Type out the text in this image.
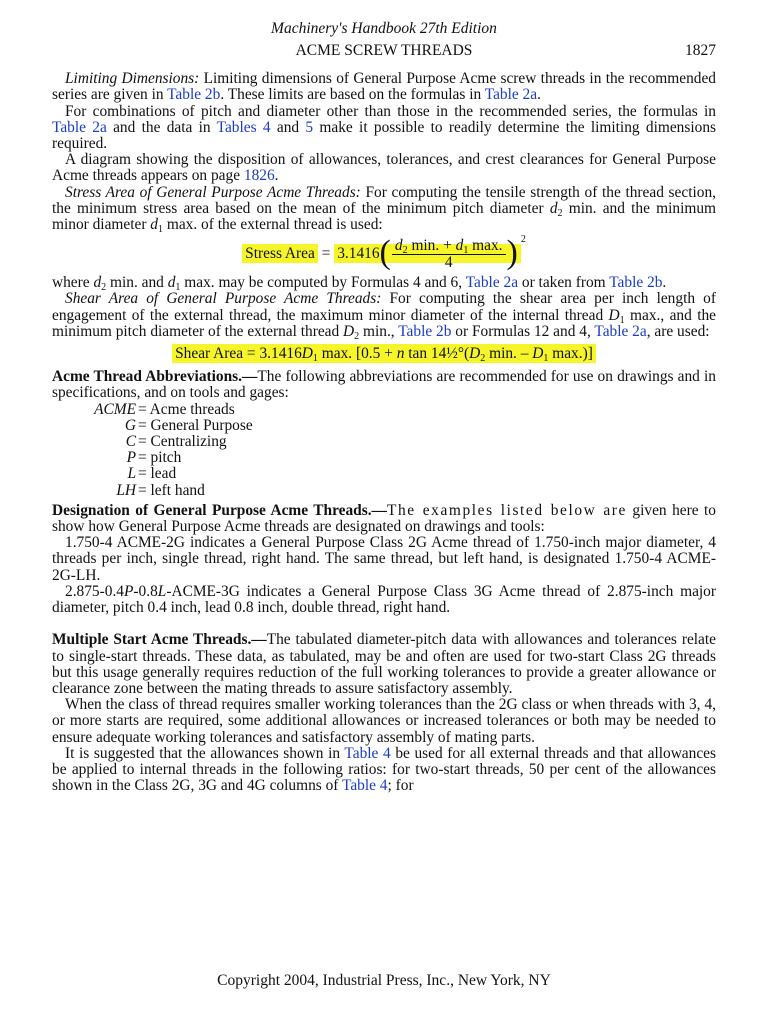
Machinery's Handbook 27th Edition
ACME SCREW THREADS	1827

Limiting Dimensions: Limiting dimensions of General Purpose Acme screw threads in the recommended series are given in Table 2b. These limits are based on the formulas in Table 2a.

For combinations of pitch and diameter other than those in the recommended series, the formulas in Table 2a and the data in Tables 4 and 5 make it possible to readily determine the limiting dimensions required.

A diagram showing the disposition of allowances, tolerances, and crest clearances for General Purpose Acme threads appears on page 1826.

Stress Area of General Purpose Acme Threads: For computing the tensile strength of the thread section, the minimum stress area based on the mean of the minimum pitch diameter $d_2$ min. and the minimum minor diameter $d_1$ max. of the external thread is used:

Stress Area = $3.1416( \frac{d_2 \min. + d_1 \max.}{4}$ ) $^2$

where $d_2$ min. and $d_1$ max. may be computed by Formulas 4 and 6, Table 2a or taken from Table 2b.

Shear Area of General Purpose Acme Threads: For computing the shear area per inch length of engagement of the external thread, the maximum minor diameter of the internal thread $D_1$ max., and the minimum pitch diameter of the external thread $D_2$ min., Table 2b or Formulas 12 and 4, Table 2a, are used:

Shear Area = $3.1416D_1$ max. [0.5 + n $\tan 14\frac{1}{2}^\circ(D_2$ min. – $D_1$ max.)]

Acme Thread Abbreviations.—The following abbreviations are recommended for use on drawings and in specifications, and on tools and gages:

ACME = Acme threads
G = General Purpose
C = Centralizing
P = pitch
L = lead
LH = left hand

Designation of General Purpose Acme Threads.—The examples listed below are given here to show how General Purpose Acme threads are designated on drawings and tools:

1.750-4 ACME-2G indicates a General Purpose Class 2G Acme thread of 1.750-inch major diameter, 4 threads per inch, single thread, right hand. The same thread, but left hand, is designated 1.750-4 ACME-2G-LH.

2.875-0.4P-0.8L-ACME-3G indicates a General Purpose Class 3G Acme thread of 2.875-inch major diameter, pitch 0.4 inch, lead 0.8 inch, double thread, right hand.

Multiple Start Acme Threads.—The tabulated diameter-pitch data with allowances and tolerances relate to single-start threads. These data, as tabulated, may be and often are used for two-start Class 2G threads but this usage generally requires reduction of the full working tolerances to provide a greater allowance or clearance zone between the mating threads to assure satisfactory assembly.

When the class of thread requires smaller working tolerances than the 2G class or when threads with 3, 4, or more starts are required, some additional allowances or increased tolerances or both may be needed to ensure adequate working tolerances and satisfactory assembly of mating parts.

It is suggested that the allowances shown in Table 4 be used for all external threads and that allowances be applied to internal threads in the following ratios: for two-start threads, 50 per cent of the allowances shown in the Class 2G, 3G and 4G columns of Table 4; for

Copyright 2004, Industrial Press, Inc., New York, NY
